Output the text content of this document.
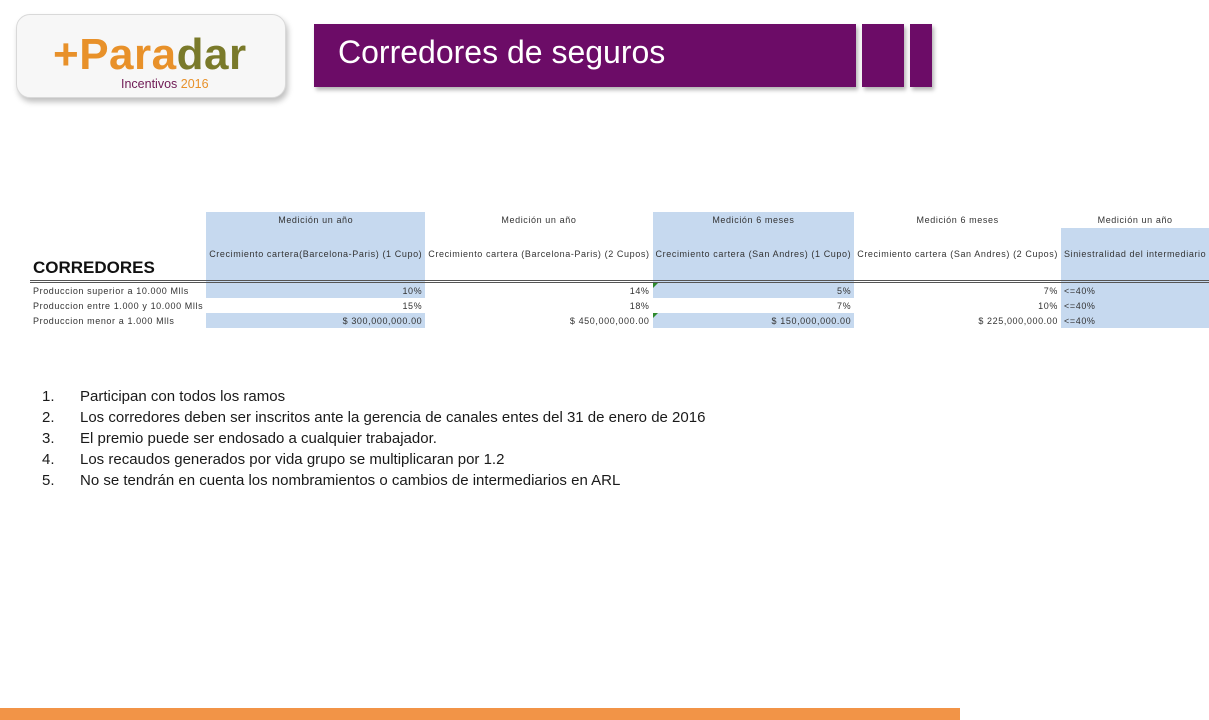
+Paradar
Incentivos 2016
Corredores de seguros
	Medición un año	Medición un año	Medición 6 meses	Medición 6 meses	Medición un año
CORREDORES	Crecimiento cartera(Barcelona-Paris) (1 Cupo)	Crecimiento cartera (Barcelona-Paris) (2 Cupos)	Crecimiento cartera (San Andres) (1 Cupo)	Crecimiento cartera (San Andres) (2 Cupos)	Siniestralidad del intermediario
Produccion superior a 10.000 Mlls	10%	14%	5%	7%	<=40%
Produccion entre 1.000 y 10.000 Mlls	15%	18%	7%	10%	<=40%
Produccion menor a 1.000 Mlls	$ 300,000,000.00	$ 450,000,000.00	$ 150,000,000.00	$ 225,000,000.00	<=40%
1.	Participan con todos los ramos
2.	Los corredores deben ser inscritos ante la gerencia de canales entes del 31 de enero de 2016
3.	El premio puede ser endosado a cualquier trabajador.
4.	Los recaudos generados por vida grupo se multiplicaran por 1.2
5.	No se tendrán en cuenta los nombramientos o cambios de intermediarios en ARL
